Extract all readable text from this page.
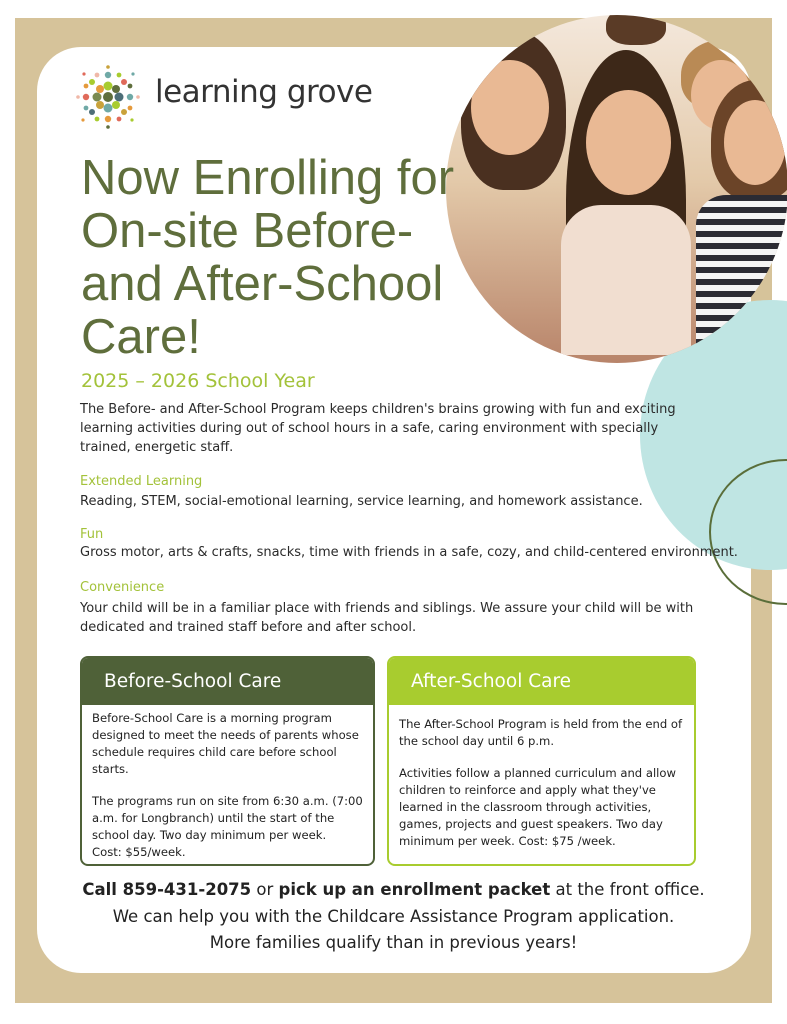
learning grove
Now Enrolling for On-site Before-and After-School Care!
2025 – 2026 School Year

The Before- and After-School Program keeps children's brains growing with fun and exciting learning activities during out of school hours in a safe, caring environment with specially trained, energetic staff.

Extended Learning

Reading, STEM, social-emotional learning, service learning, and homework assistance.

Fun

Gross motor, arts & crafts, snacks, time with friends in a safe, cozy, and child-centered environment.

Convenience

Your child will be in a familiar place with friends and siblings. We assure your child will be with dedicated and trained staff before and after school.

Before-School Care

Before-School Care is a morning program designed to meet the needs of parents whose schedule requires child care before school starts.

The programs run on site from 6:30 a.m. (7:00 a.m. for Longbranch) until the start of the school day. Two day minimum per week.

Cost: $55/week.

After-School Care

The After-School Program is held from the end of the school day until 6 p.m.

Activities follow a planned curriculum and allow children to reinforce and apply what they've learned in the classroom through activities, games, projects and guest speakers. Two day minimum per week. Cost: $75 /week.

Call 859-431-2075 or pick up an enrollment packet at the front office.
We can help you with the Childcare Assistance Program application.
More families qualify than in previous years!
